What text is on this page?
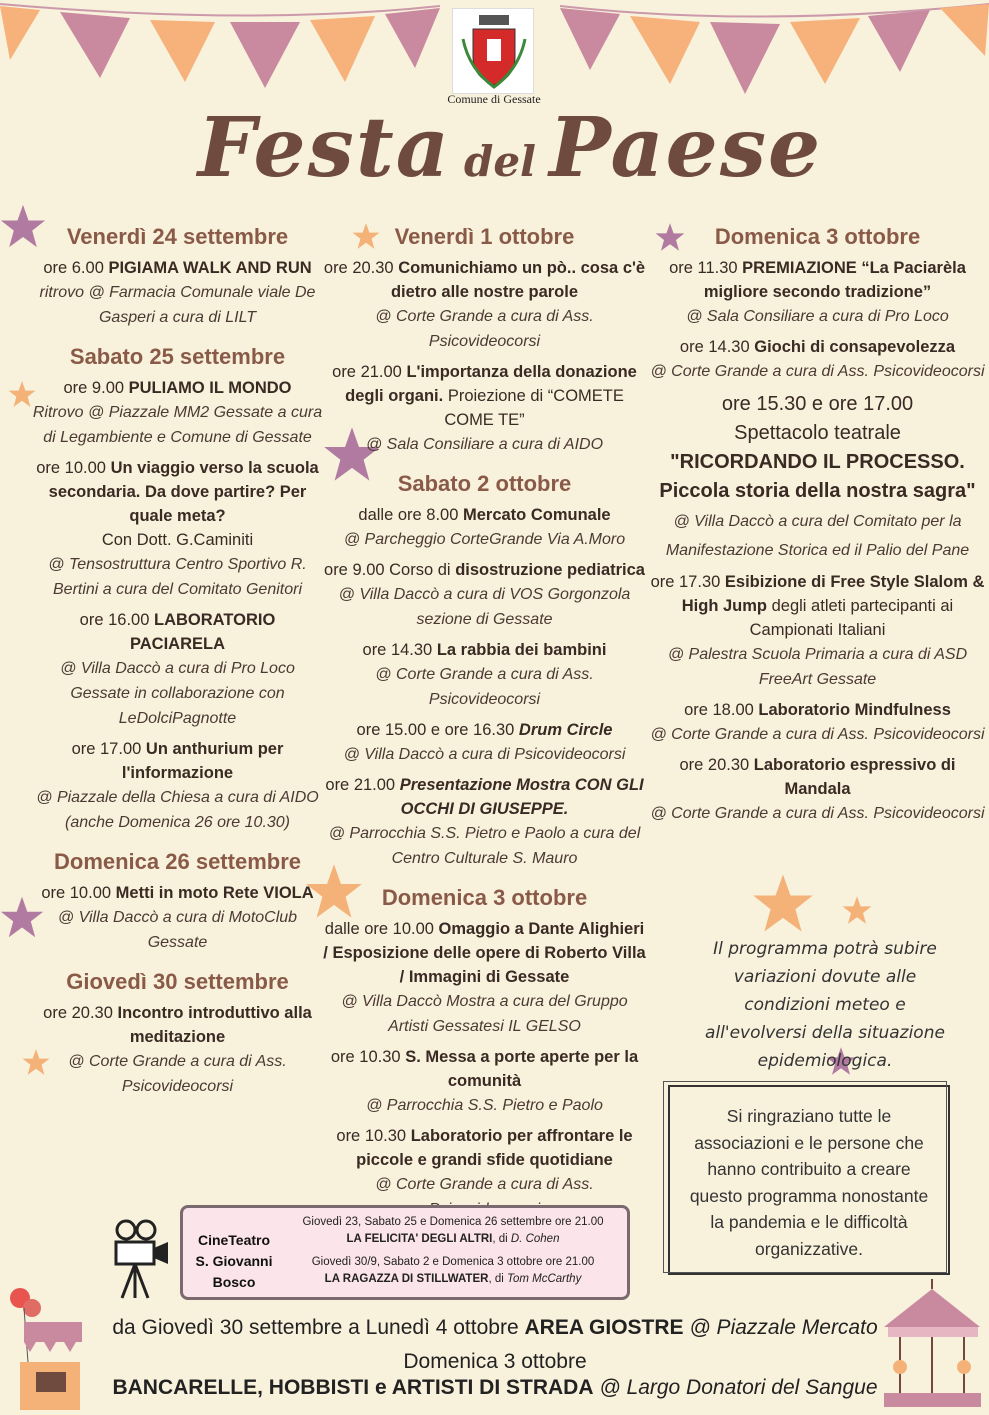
Comune di Gessate
Festa del Paese
Venerdì 24 settembre
ore 6.00 PIGIAMA WALK AND RUN
ritrovo @ Farmacia Comunale viale De Gasperi a cura di LILT
Sabato 25 settembre
ore 9.00 PULIAMO IL MONDO
Ritrovo @ Piazzale MM2 Gessate a cura di Legambiente e Comune di Gessate
ore 10.00 Un viaggio verso la scuola secondaria. Da dove partire? Per quale meta?
Con Dott. G.Caminiti
@ Tensostruttura Centro Sportivo R. Bertini a cura del Comitato Genitori
ore 16.00 LABORATORIO PACIARELA
@ Villa Daccò a cura di Pro Loco Gessate in collaborazione con LeDolciPagnotte
ore 17.00 Un anthurium per l'informazione
@ Piazzale della Chiesa a cura di AIDO (anche Domenica 26 ore 10.30)
Domenica 26 settembre
ore 10.00 Metti in moto Rete VIOLA
@ Villa Daccò a cura di MotoClub Gessate
Giovedì 30 settembre
ore 20.30 Incontro introduttivo alla meditazione
@ Corte Grande a cura di Ass. Psicovideocorsi
Venerdì 1 ottobre
ore 20.30 Comunichiamo un pò.. cosa c'è dietro alle nostre parole
@ Corte Grande a cura di Ass. Psicovideocorsi
ore 21.00 L'importanza della donazione degli organi. Proiezione di “COMETE COME TE”
@ Sala Consiliare a cura di AIDO
Sabato 2 ottobre
dalle ore 8.00 Mercato Comunale
@ Parcheggio CorteGrande Via A.Moro
ore 9.00 Corso di disostruzione pediatrica
@ Villa Daccò a cura di VOS Gorgonzola sezione di Gessate
ore 14.30 La rabbia dei bambini
@ Corte Grande a cura di Ass. Psicovideocorsi
ore 15.00 e ore 16.30 Drum Circle
@ Villa Daccò a cura di Psicovideocorsi
ore 21.00 Presentazione Mostra CON GLI OCCHI DI GIUSEPPE.
@ Parrocchia S.S. Pietro e Paolo a cura del Centro Culturale S. Mauro
Domenica 3 ottobre
dalle ore 10.00 Omaggio a Dante Alighieri / Esposizione delle opere di Roberto Villa / Immagini di Gessate
@ Villa Daccò Mostra a cura del Gruppo Artisti Gessatesi IL GELSO
ore 10.30 S. Messa a porte aperte per la comunità
@ Parrocchia S.S. Pietro e Paolo
ore 10.30 Laboratorio per affrontare le piccole e grandi sfide quotidiane
@ Corte Grande a cura di Ass.
Domenica 3 ottobre
ore 11.30 PREMIAZIONE “La Paciarèla migliore secondo tradizione”
@ Sala Consiliare a cura di Pro Loco
ore 14.30 Giochi di consapevolezza
@ Corte Grande a cura di Ass. Psicovideocorsi
ore 15.30 e ore 17.00
Spettacolo teatrale
"RICORDANDO IL PROCESSO. Piccola storia della nostra sagra"
@ Villa Daccò a cura del Comitato per la Manifestazione Storica ed il Palio del Pane
ore 17.30 Esibizione di Free Style Slalom & High Jump degli atleti partecipanti ai Campionati Italiani
@ Palestra Scuola Primaria a cura di ASD FreeArt Gessate
ore 18.00 Laboratorio Mindfulness
@ Corte Grande a cura di Ass. Psicovideocorsi
ore 20.30 Laboratorio espressivo di Mandala
@ Corte Grande a cura di Ass. Psicovideocorsi
Il programma potrà subire variazioni dovute alle condizioni meteo e all'evolversi della situazione epidemiologica.
Si ringraziano tutte le associazioni e le persone che hanno contribuito a creare questo programma nonostante la pandemia e le difficoltà organizzative.
CineTeatro
S. Giovanni
Bosco
Giovedì 23, Sabato 25 e Domenica 26 settembre ore 21.00
LA FELICITA' DEGLI ALTRI, di D. Cohen
Giovedì 30/9, Sabato 2 e Domenica 3 ottobre ore 21.00
LA RAGAZZA DI STILLWATER, di Tom McCarthy
da Giovedì 30 settembre a Lunedì 4 ottobre AREA GIOSTRE @ Piazzale Mercato
Domenica 3 ottobre
BANCARELLE, HOBBISTI e ARTISTI DI STRADA @ Largo Donatori del Sangue
